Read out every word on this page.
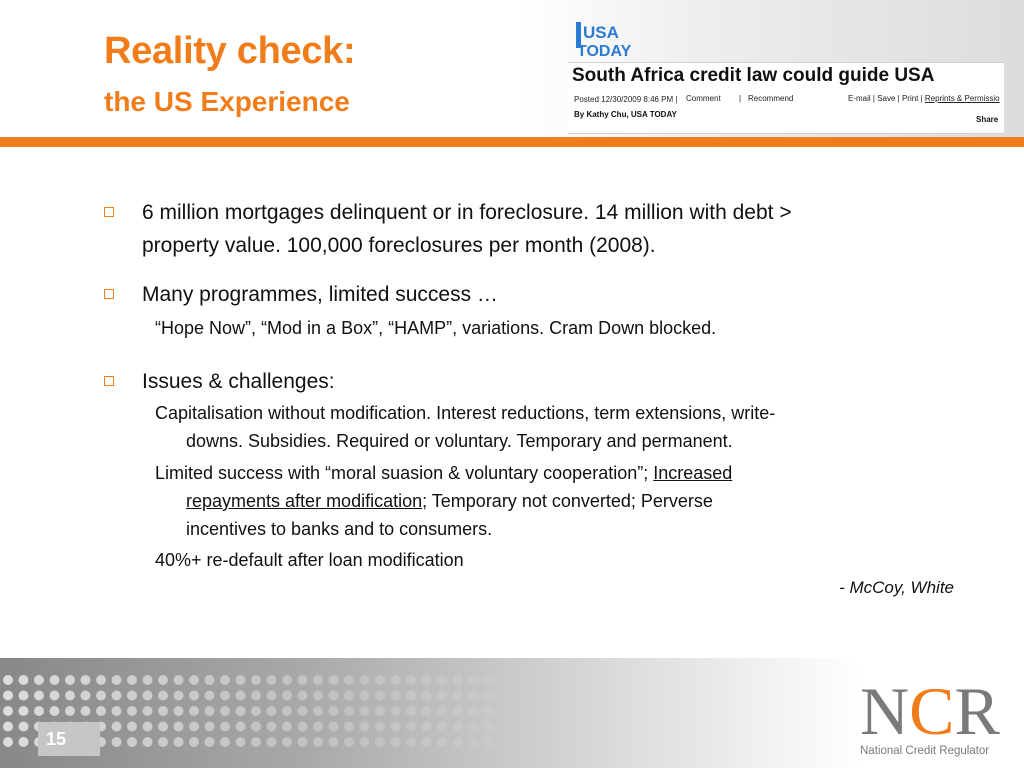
Reality check:
the US Experience
USA
TODAY
South Africa credit law could guide USA
Posted 12/30/2009 8:46 PM | Comment | Recommend	E-mail | Save | Print | Reprints & Permissio
By Kathy Chu, USA TODAY
Share
6 million mortgages delinquent or in foreclosure. 14 million with debt >
property value. 100,000 foreclosures per month (2008).
Many programmes, limited success …
“Hope Now”, “Mod in a Box”, “HAMP”, variations. Cram Down blocked.
Issues & challenges:
Capitalisation without modification. Interest reductions, term extensions, write-
downs. Subsidies. Required or voluntary. Temporary and permanent.
Limited success with “moral suasion & voluntary cooperation”; Increased
repayments after modification; Temporary not converted; Perverse
incentives to banks and to consumers.
40%+ re-default after loan modification
- McCoy, White
15	NCR
National Credit Regulator
